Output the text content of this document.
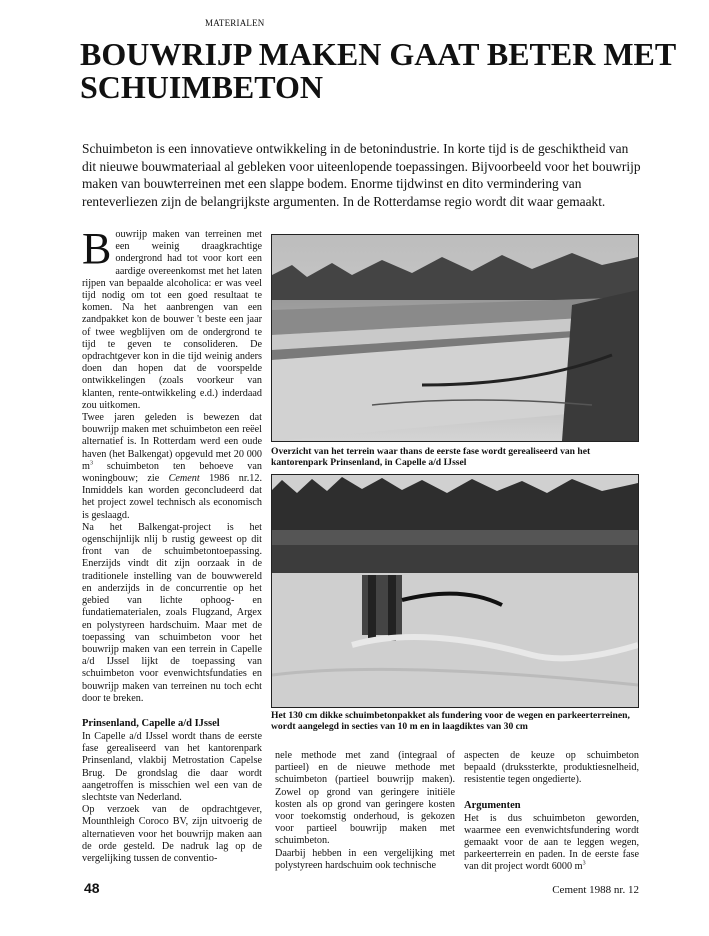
MATERIALEN
BOUWRIJP MAKEN GAAT BETER MET SCHUIMBETON

Schuimbeton is een innovatieve ontwikkeling in de betonindustrie. In korte tijd is de geschiktheid van dit nieuwe bouwmateriaal al gebleken voor uiteenlopende toepassingen. Bijvoorbeeld voor het bouwrijp maken van bouwterreinen met een slappe bodem. Enorme tijdwinst en dito vermindering van renteverliezen zijn de belangrijkste argumenten. In de Rotterdamse regio wordt dit waar gemaakt.

Bouwrijp maken van terreinen met een weinig draagkrachtige ondergrond had tot voor kort een aardige overeenkomst met het laten rijpen van bepaalde alcoholica: er was veel tijd nodig om tot een goed resultaat te komen. Na het aanbrengen van een zandpakket kon de bouwer 't beste een jaar of twee wegblijven om de ondergrond te tijd te geven te consolideren. De opdrachtgever kon in die tijd weinig anders doen dan hopen dat de voorspelde ontwikkelingen (zoals voorkeur van klanten, rente-ontwikkeling e.d.) inderdaad zou uitkomen.

Twee jaren geleden is bewezen dat bouwrijp maken met schuimbeton een reëel alternatief is. In Rotterdam werd een oude haven (het Balkengat) opgevuld met 20 000 $m^3$ schuimbeton ten behoeve van woningbouw; zie Cement 1986 nr.12. Inmiddels kan worden geconcludeerd dat het project zowel technisch als economisch is geslaagd.

Na het Balkengat-project is het ogenschijnlijk nlij b rustig geweest op dit front van de schuimbetontoepassing. Enerzijds vindt dit zijn oorzaak in de traditionele instelling van de bouwwereld en anderzijds in de concurrentie op het gebied van lichte ophoog- en fundatiematerialen, zoals Flugzand, Argex en polystyreen hardschuim. Maar met de toepassing van schuimbeton voor het bouwrijp maken van een terrein in Capelle a/d IJssel lijkt de toepassing van schuimbeton voor evenwichtsfundaties en bouwrijp maken van terreinen nu toch echt door te breken.

Prinsenland, Capelle a/d IJssel

In Capelle a/d IJssel wordt thans de eerste fase gerealiseerd van het kantorenpark Prinsenland, vlakbij Metrostation Capelse Brug. De grondslag die daar wordt aangetroffen is misschien wel een van de slechtste van Nederland.

Op verzoek van de opdrachtgever, Mounthleigh Coroco BV, zijn uitvoerig de alternatieven voor het bouwrijp maken aan de orde gesteld. De nadruk lag op de vergelijking tussen de conventio-

Overzicht van het terrein waar thans de eerste fase wordt gerealiseerd van het kantorenpark Prinsenland, in Capelle a/d IJssel
Het 130 cm dikke schuimbetonpakket als fundering voor de wegen en parkeerterreinen, wordt aangelegd in secties van 10 m en in laagdiktes van 30 cm

nele methode met zand (integraal of partieel) en de nieuwe methode met schuimbeton (partieel bouwrijp maken). Zowel op grond van geringere initiële kosten als op grond van geringere kosten voor toekomstig onderhoud, is gekozen voor partieel bouwrijp maken met schuimbeton.

Daarbij hebben in een vergelijking met polystyreen hardschuim ook technische

aspecten de keuze op schuimbeton bepaald (drukssterkte, produktiesnelheid, resistentie tegen ongedierte).

Argumenten

Het is dus schuimbeton geworden, waarmee een evenwichtsfundering wordt gemaakt voor de aan te leggen wegen, parkeerterrein en paden. In de eerste fase van dit project wordt 6000 $m^3$

48	Cement 1988 nr. 12
